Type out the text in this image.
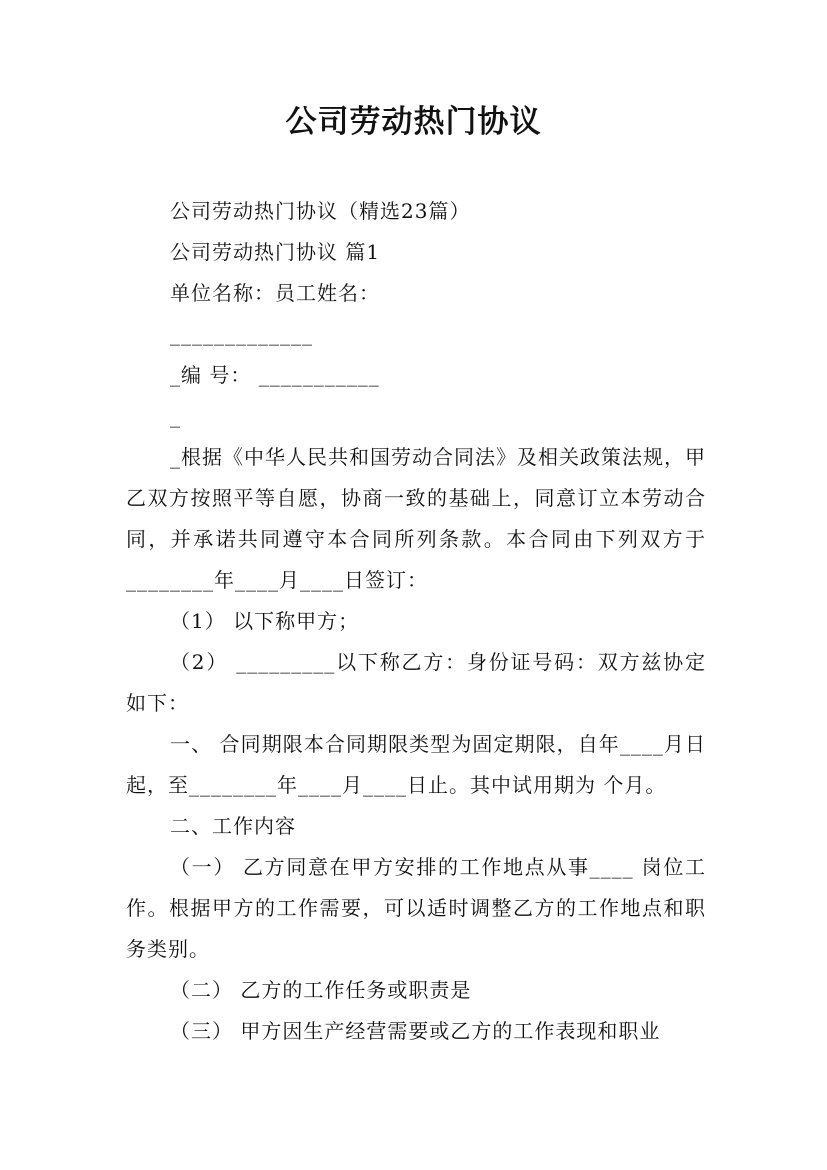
公司劳动热门协议
公司劳动热门协议（精选23篇）
公司劳动热门协议 篇1
单位名称：员工姓名：
_____________
_编 号： ___________
_
_根据《中华人民共和国劳动合同法》及相关政策法规，甲乙双方按照平等自愿，协商一致的基础上，同意订立本劳动合同，并承诺共同遵守本合同所列条款。本合同由下列双方于________年____月____日签订：
（1） 以下称甲方；
（2） _________以下称乙方：身份证号码：双方兹协定如下：
一、 合同期限本合同期限类型为固定期限，自年____月日起，至________年____月____日止。其中试用期为 个月。
二、工作内容
（一） 乙方同意在甲方安排的工作地点从事____ 岗位工作。根据甲方的工作需要，可以适时调整乙方的工作地点和职务类别。
（二） 乙方的工作任务或职责是
（三） 甲方因生产经营需要或乙方的工作表现和职业
